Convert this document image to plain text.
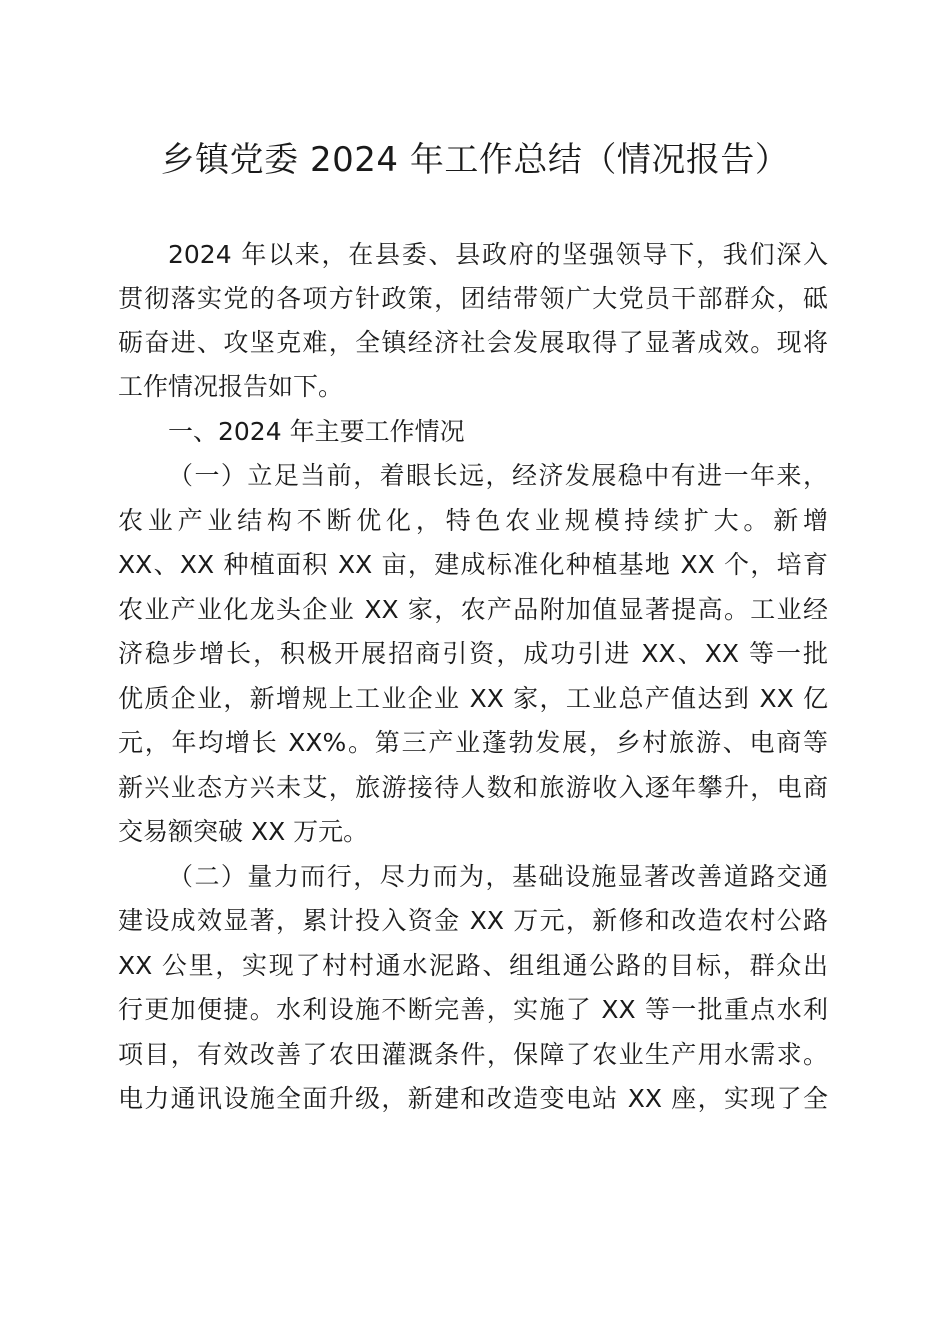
乡镇党委 2024 年工作总结（情况报告）

2024 年以来，在县委、县政府的坚强领导下，我们深入

贯彻落实党的各项方针政策，团结带领广大党员干部群众，砥

砺奋进、攻坚克难，全镇经济社会发展取得了显著成效。现将

工作情况报告如下。

一、2024 年主要工作情况

（一）立足当前，着眼长远，经济发展稳中有进一年来，

农业产业结构不断优化，特色农业规模持续扩大。新增

XX、XX 种植面积 XX 亩，建成标准化种植基地 XX 个，培育

农业产业化龙头企业 XX 家，农产品附加值显著提高。工业经

济稳步增长，积极开展招商引资，成功引进 XX、XX 等一批

优质企业，新增规上工业企业 XX 家，工业总产值达到 XX 亿

元，年均增长 XX%。第三产业蓬勃发展，乡村旅游、电商等

新兴业态方兴未艾，旅游接待人数和旅游收入逐年攀升，电商

交易额突破 XX 万元。

（二）量力而行，尽力而为，基础设施显著改善道路交通

建设成效显著，累计投入资金 XX 万元，新修和改造农村公路

XX 公里，实现了村村通水泥路、组组通公路的目标，群众出

行更加便捷。水利设施不断完善，实施了 XX 等一批重点水利

项目，有效改善了农田灌溉条件，保障了农业生产用水需求。

电力通讯设施全面升级，新建和改造变电站 XX 座，实现了全
